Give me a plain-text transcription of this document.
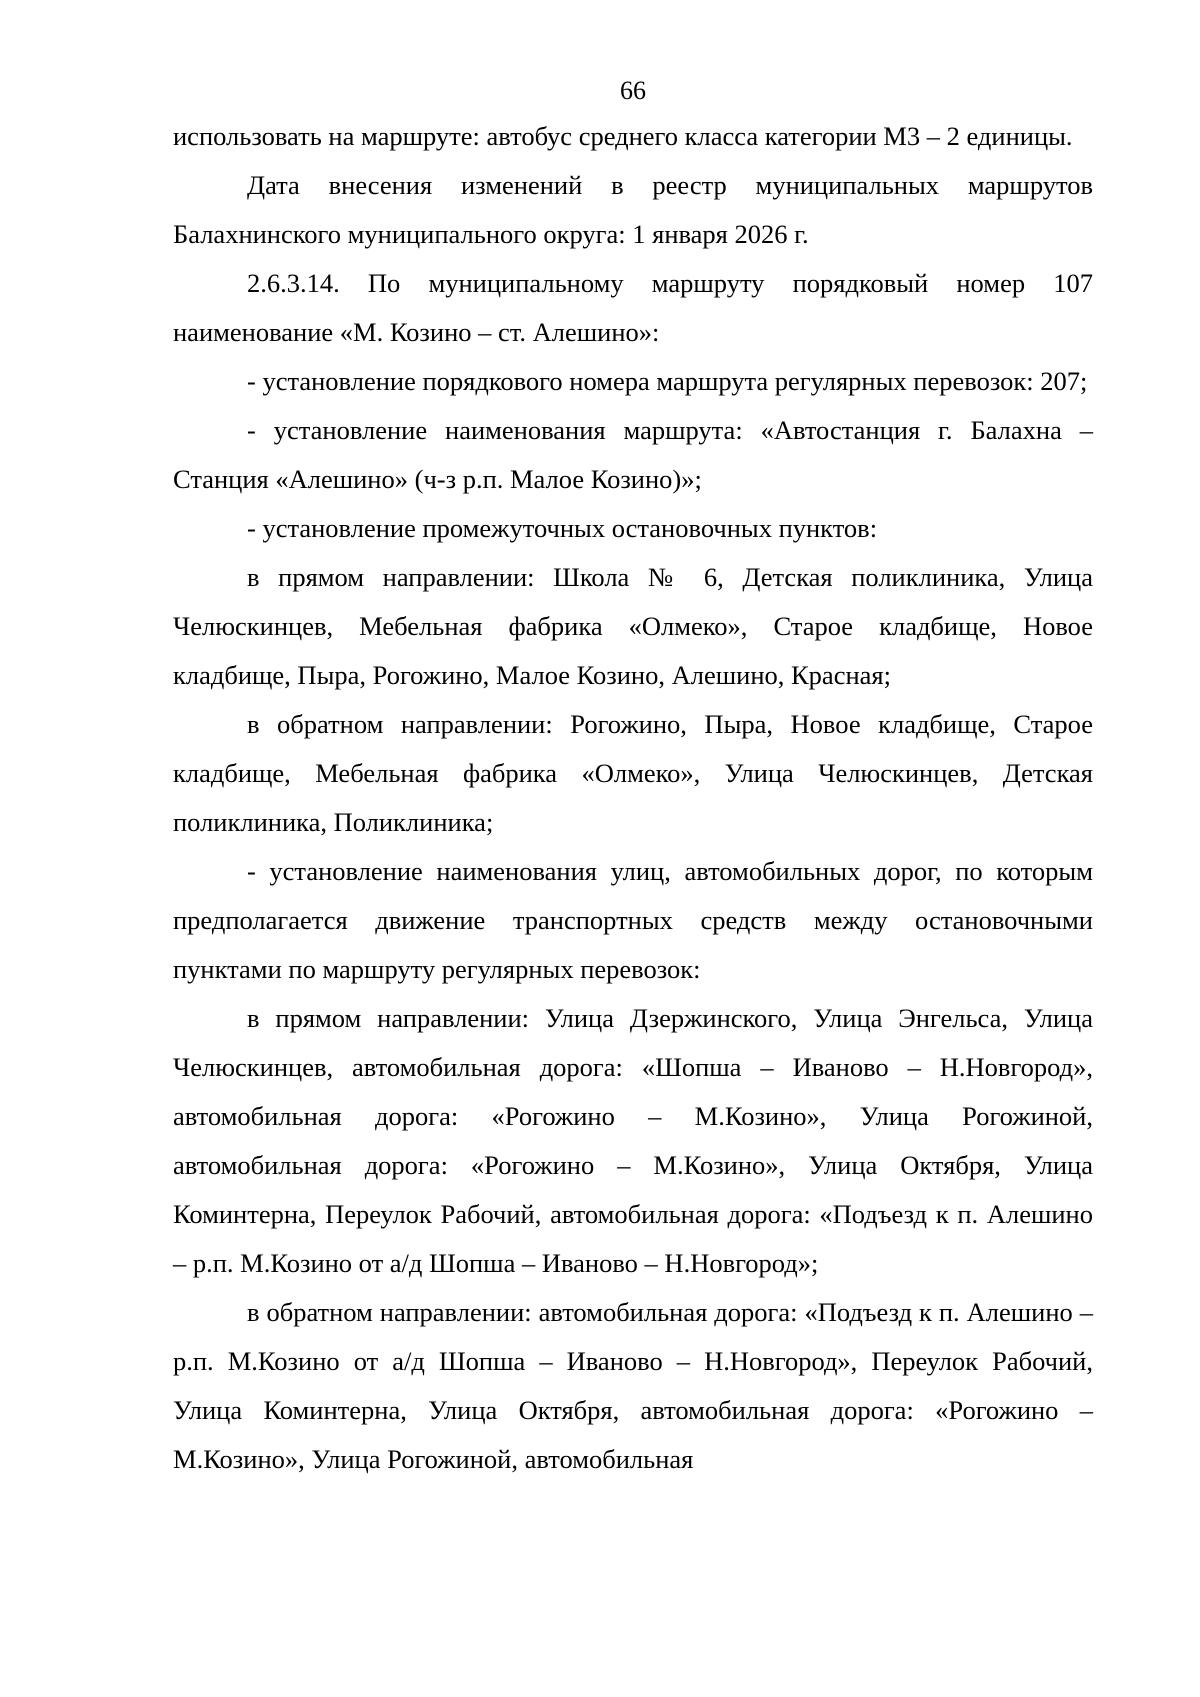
66

использовать на маршруте: автобус среднего класса категории М3 – 2 единицы.

Дата внесения изменений в реестр муниципальных маршрутов Балахнинского муниципального округа: 1 января 2026 г.

2.6.3.14. По муниципальному маршруту порядковый номер 107 наименование «М. Козино – ст. Алешино»:

- установление порядкового номера маршрута регулярных перевозок: 207;

- установление наименования маршрута: «Автостанция г. Балахна – Станция «Алешино» (ч-з р.п. Малое Козино)»;

- установление промежуточных остановочных пунктов:

в прямом направлении: Школа № 6, Детская поликлиника, Улица Челюскинцев, Мебельная фабрика «Олмеко», Старое кладбище, Новое кладбище, Пыра, Рогожино, Малое Козино, Алешино, Красная;

в обратном направлении: Рогожино, Пыра, Новое кладбище, Старое кладбище, Мебельная фабрика «Олмеко», Улица Челюскинцев, Детская поликлиника, Поликлиника;

- установление наименования улиц, автомобильных дорог, по которым предполагается движение транспортных средств между остановочными пунктами по маршруту регулярных перевозок:

в прямом направлении: Улица Дзержинского, Улица Энгельса, Улица Челюскинцев, автомобильная дорога: «Шопша – Иваново – Н.Новгород», автомобильная дорога: «Рогожино – М.Козино», Улица Рогожиной, автомобильная дорога: «Рогожино – М.Козино», Улица Октября, Улица Коминтерна, Переулок Рабочий, автомобильная дорога: «Подъезд к п. Алешино – р.п. М.Козино от а/д Шопша – Иваново – Н.Новгород»;

в обратном направлении: автомобильная дорога: «Подъезд к п. Алешино – р.п. М.Козино от а/д Шопша – Иваново – Н.Новгород», Переулок Рабочий, Улица Коминтерна, Улица Октября, автомобильная дорога: «Рогожино – М.Козино», Улица Рогожиной, автомобильная
